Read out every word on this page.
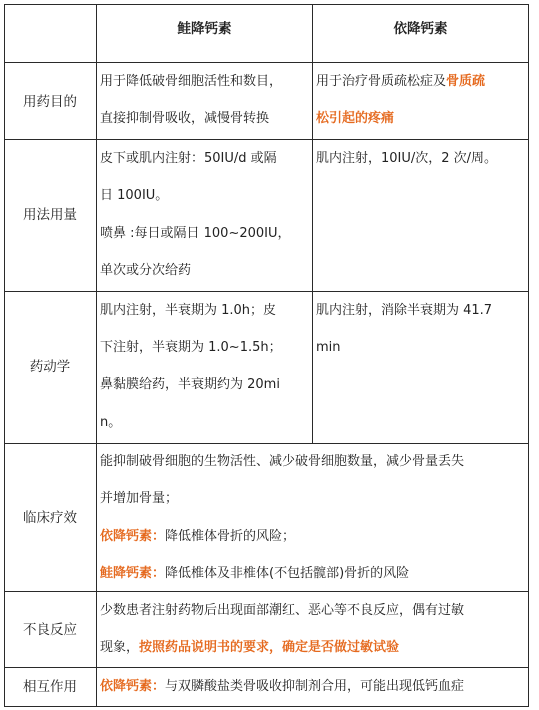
鲑降钙素	依降钙素
用药目的
用于降低破骨细胞活性和数目，
直接抑制骨吸收，减慢骨转换
用于治疗骨质疏松症及骨质疏
松引起的疼痛
用法用量
皮下或肌内注射：50IU/d 或隔
日 100IU。
喷鼻 :每日或隔日 100~200IU，
单次或分次给药
肌内注射，10IU/次，2 次/周。
药动学
肌内注射，半衰期为 1.0h；皮
下注射，半衰期为 1.0~1.5h；
鼻黏膜给药，半衰期约为 20mi
n。
肌内注射，消除半衰期为 41.7
min
临床疗效
能抑制破骨细胞的生物活性、减少破骨细胞数量，减少骨量丢失
并增加骨量；
依降钙素：降低椎体骨折的风险；
鲑降钙素：降低椎体及非椎体(不包括髋部)骨折的风险
不良反应
少数患者注射药物后出现面部潮红、恶心等不良反应，偶有过敏
现象，按照药品说明书的要求，确定是否做过敏试验
相互作用	依降钙素：与双膦酸盐类骨吸收抑制剂合用，可能出现低钙血症
